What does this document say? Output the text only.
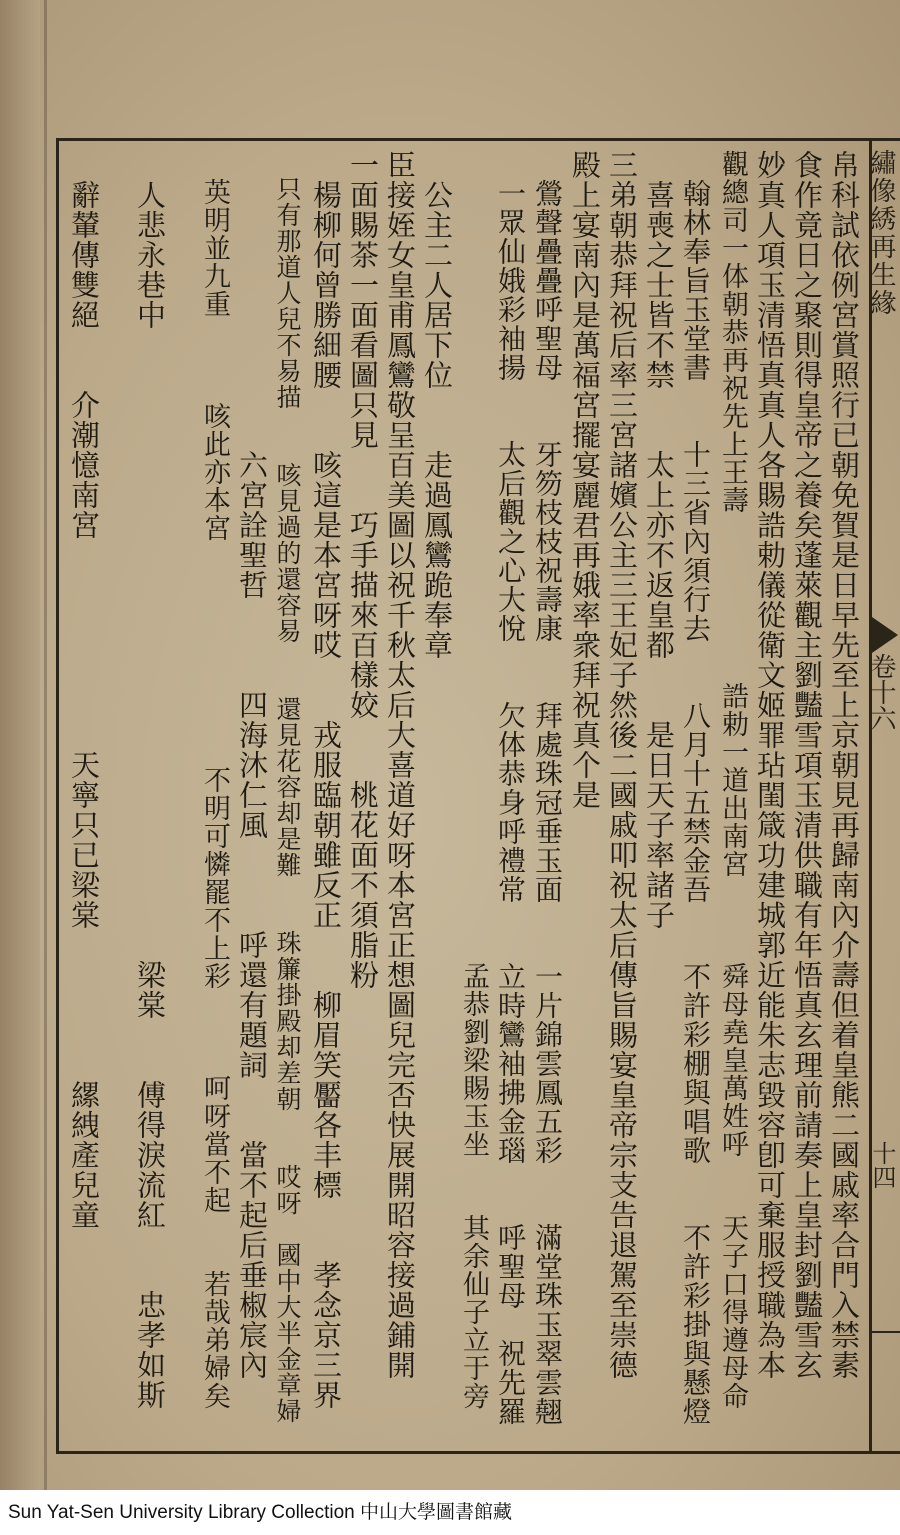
繡像綉再生緣
卷十六
十四
帛科試依例宮賞照行已朝免賀是日早先至上京朝見再歸南內介壽但着皇熊二國戚率合門入禁素
食作竟日之聚則得皇帝之養矣蓬萊觀主劉豔雪項玉清供職有年悟真玄理前請奏上皇封劉豔雪玄
妙真人項玉清悟真真人各賜誥勅儀從衛文姬罪玷閨箴功建城郭近能朱志毀容卽可棄服授職為本
觀總司一体朝恭再祝先上王壽　　　　　　誥勅一道出南宮　　　舜母堯皇萬姓呼　　天子口得遵母命
　翰林奉旨玉堂書　　十三省內須行去　　八月十五禁金吾　　不許彩棚與唱歌　　不許彩掛與懸燈
　喜喪之士皆不禁　　太上亦不返皇都　　是日天子率諸子
三弟朝恭拜祝后率三宮諸嬪公主三王妃子然後二國戚叩祝太后傳旨賜宴皇帝宗支告退駕至崇德
殿上宴南內是萬福宮擺宴麗君再娥率衆拜祝真个是
　鶯聲疊疊呼聖母　　牙笏枝枝祝壽康　　拜處珠冠垂玉面　　一片錦雲鳳五彩　　滿堂珠玉翠雲翹
　一眾仙娥彩袖揚　　太后觀之心大悅　　欠体恭身呼禮常　　立時鸞袖拂金瑙　　呼聖母　祝先羅
　　　　　　　　　　　　　　　　　　　　　　　　　　　　　孟恭劉梁賜玉坐　　其余仙子立于旁
　公主二人居下位　　走過鳳鸞跪奉章
臣接姪女皇甫鳳鸞敬呈百美圖以祝千秋太后大喜道好呀本宮正想圖兒完否快展開昭容接過鋪開
一面賜茶一面看圖只見　　巧手描來百樣姣　　桃花面不須脂粉
　楊柳何曾勝細腰　　咳這是本宮呀哎　　戎服臨朝雖反正　　柳眉笑靨各丰標　　孝念京三界
　只有那道人兒不易描　　咳見過的還容易　　還見花容却是難　　珠簾掛殿却差朝　　哎呀　國中大半金章婦
　　　　　　　　　　六宮詮聖哲　　　四海沐仁風　　　呼還有題詞　　當不起后垂椒宸內
　英明並九重　　　咳此亦本宮　　　　　　　　不明可憐罷不上彩　　　呵呀當不起　　若哉弟婦矣
　人悲永巷中　　　　　　　　　　　　　　　　　　　　　梁棠　　傅得淚流紅　　忠孝如斯
　辭輦傳雙絕　　介潮憶南宮　　　　　　　天寧只已梁棠　　　　　縲絏產兒童
Sun Yat-Sen University Library Collection 中山大學圖書館藏
